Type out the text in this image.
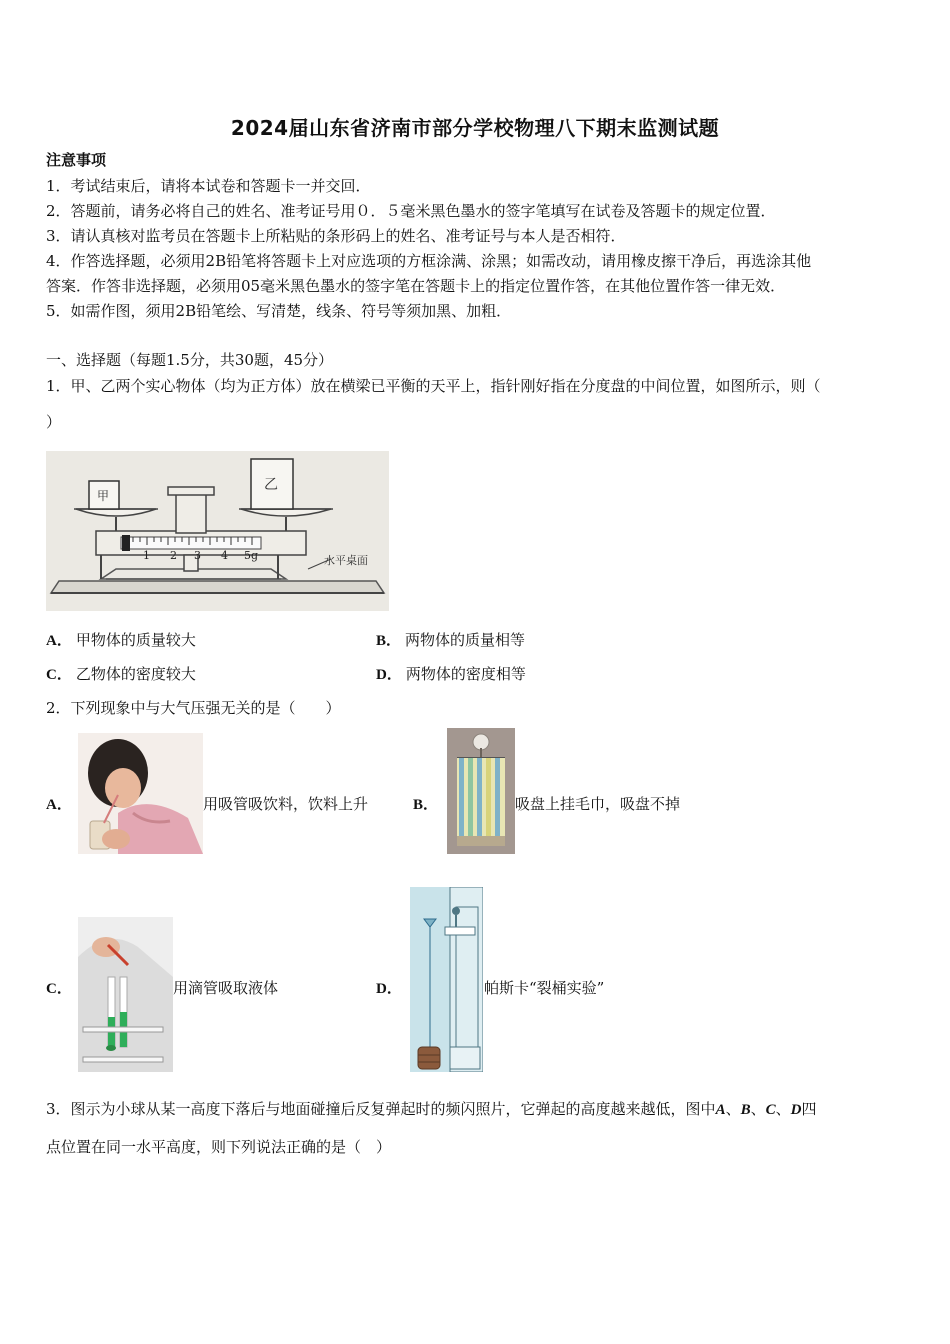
2024届山东省济南市部分学校物理八下期末监测试题
注意事项
1．考试结束后，请将本试卷和答题卡一并交回．
2．答题前，请务必将自己的姓名、准考证号用０．５毫米黑色墨水的签字笔填写在试卷及答题卡的规定位置．
3．请认真核对监考员在答题卡上所粘贴的条形码上的姓名、准考证号与本人是否相符．
4．作答选择题，必须用2B铅笔将答题卡上对应选项的方框涂满、涂黑；如需改动，请用橡皮擦干净后，再选涂其他
答案．作答非选择题，必须用05毫米黑色墨水的签字笔在答题卡上的指定位置作答，在其他位置作答一律无效．
5．如需作图，须用2B铅笔绘、写清楚，线条、符号等须加黑、加粗．
一、选择题（每题1.5分，共30题，45分）
1．甲、乙两个实心物体（均为正方体）放在横梁已平衡的天平上，指针刚好指在分度盘的中间位置，如图所示，则（
）
甲
乙
水平桌面
1 2 3 4 5g
A． 甲物体的质量较大	B． 两物体的质量相等
C． 乙物体的密度较大	D． 两物体的密度相等
2．下列现象中与大气压强无关的是（　　）
A．	用吸管吸饮料，饮料上升	B．	吸盘上挂毛巾，吸盘不掉
C．	用滴管吸取液体	D．	帕斯卡“裂桶实验”
3．图示为小球从某一高度下落后与地面碰撞后反复弹起时的频闪照片，它弹起的高度越来越低，图中A、B、C、D四
点位置在同一水平高度，则下列说法正确的是（　）
